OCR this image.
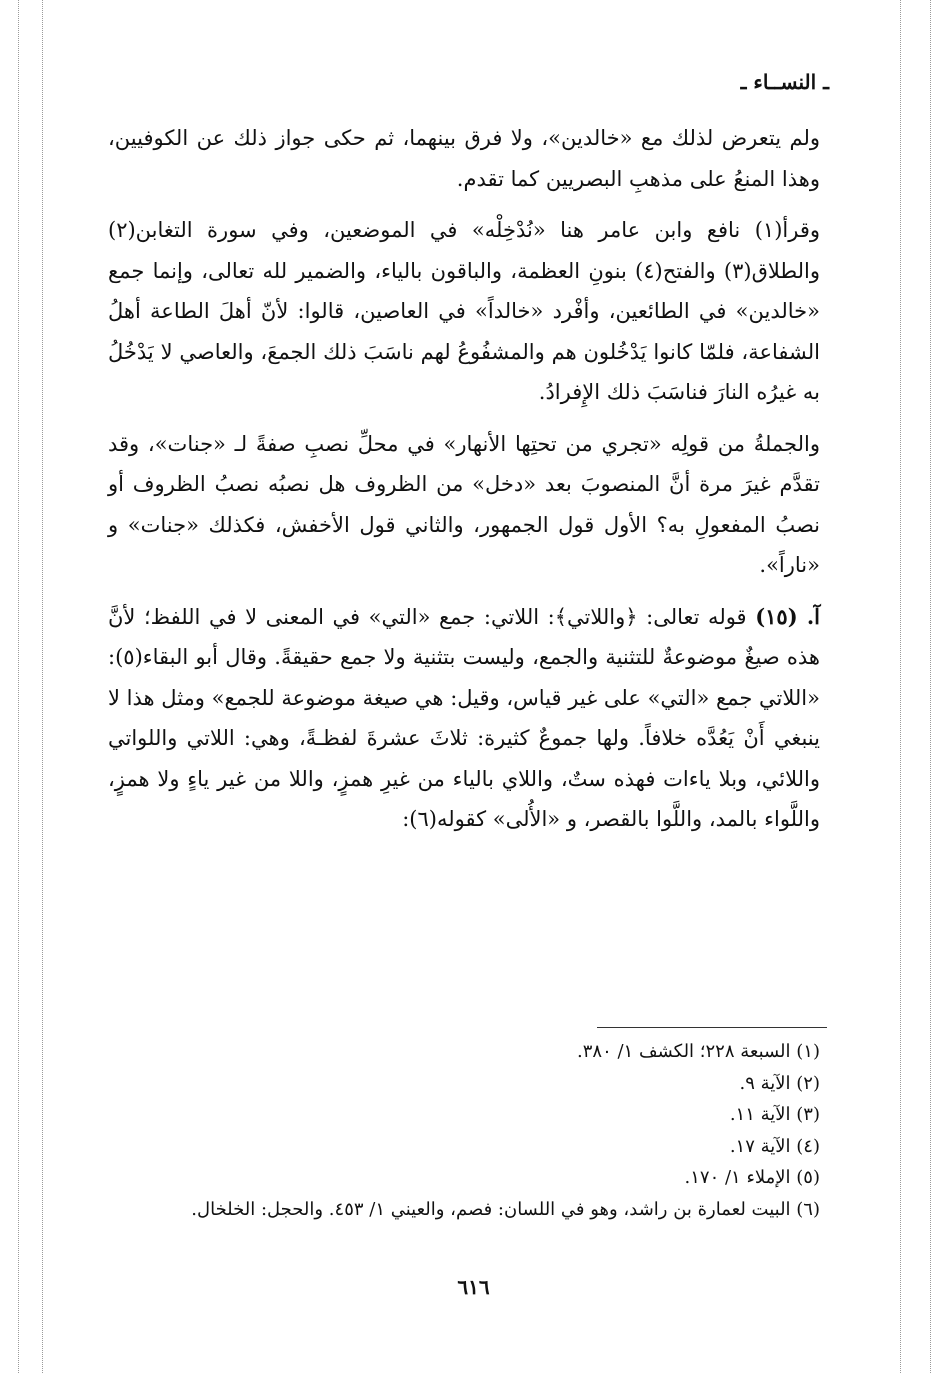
ـ النســاء ـ

ولم يتعرض لذلك مع «خالدين»، ولا فرق بينهما، ثم حكى جواز ذلك عن الكوفيين، وهذا المنعُ على مذهبِ البصريين كما تقدم.

وقرأ(١) نافع وابن عامر هنا «نُدْخِلْه» في الموضعين، وفي سورة التغابن(٢) والطلاق(٣) والفتح(٤) بنونِ العظمة، والباقون بالياء، والضمير لله تعالى، وإنما جمع «خالدين» في الطائعين، وأفْرد «خالداً» في العاصين، قالوا: لأنّ أهلَ الطاعة أهلُ الشفاعة، فلمّا كانوا يَدْخُلون هم والمشفُوعُ لهم ناسَبَ ذلك الجمعَ، والعاصي لا يَدْخُلُ به غيرُه النارَ فناسَبَ ذلك الإِفرادُ.

والجملةُ من قولِه «تجري من تحتِها الأنهار» في محلِّ نصبِ صفةً لـ «جنات»، وقد تقدَّم غيرَ مرة أنَّ المنصوبَ بعد «دخل» من الظروف هل نصبُه نصبُ الظروف أو نصبُ المفعولِ به؟ الأول قول الجمهور، والثاني قول الأخفش، فكذلك «جنات» و «ناراً».

آ. (١٥) قوله تعالى: ﴿واللاتي﴾: اللاتي: جمع «التي» في المعنى لا في اللفظ؛ لأنَّ هذه صيغٌ موضوعةٌ للتثنية والجمع، وليست بتثنية ولا جمع حقيقةً. وقال أبو البقاء(٥): «اللاتي جمع «التي» على غير قياس، وقيل: هي صيغة موضوعة للجمع» ومثل هذا لا ينبغي أَنْ يَعُدَّه خلافاً. ولها جموعٌ كثيرة: ثلاثَ عشرةَ لفظـةً، وهي: اللاتي واللواتي واللائي، وبلا ياءات فهذه ستٌ، واللاي بالياء من غيرِ همزٍ، واللا من غير ياءٍ ولا همزٍ، واللَّواء بالمد، واللَّوا بالقصر، و «الأُلى» كقوله(٦):

(١) السبعة ٢٢٨؛ الكشف ١/ ٣٨٠.
(٢) الآية ٩.
(٣) الآية ١١.
(٤) الآية ١٧.
(٥) الإملاء ١/ ١٧٠.
(٦) البيت لعمارة بن راشد، وهو في اللسان: فصم، والعيني ١/ ٤٥٣. والحجل: الخلخال.
٦١٦
